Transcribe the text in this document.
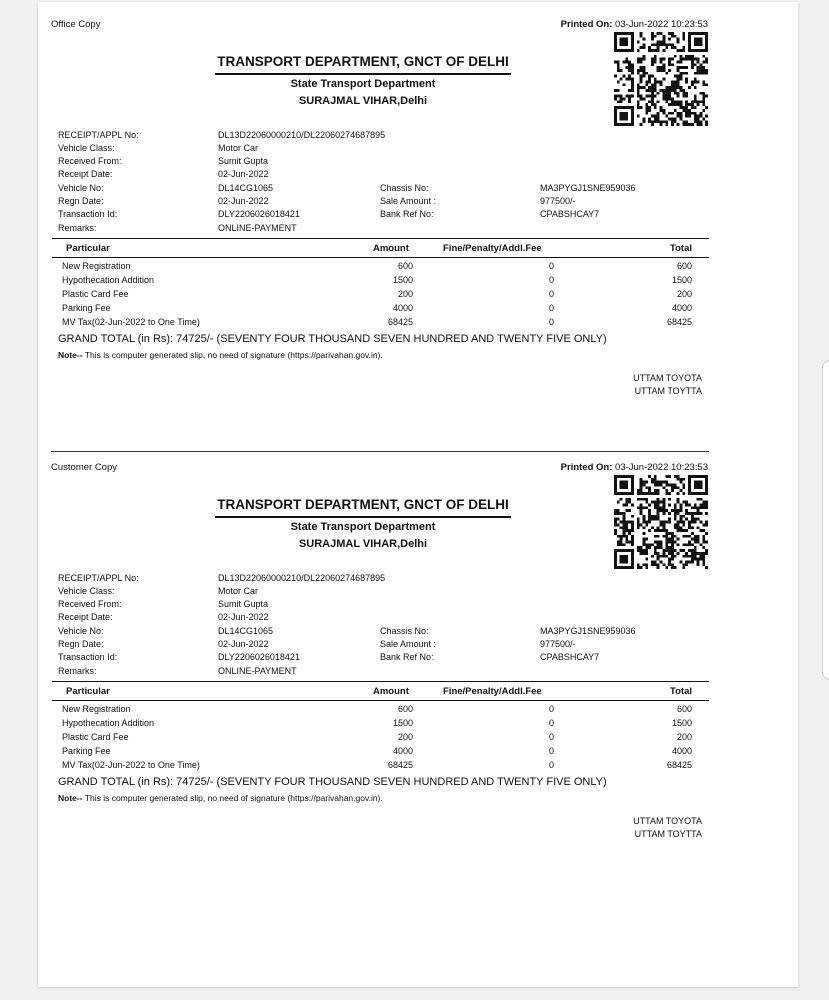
Office Copy	Printed On: 03-Jun-2022 10:23:53
TRANSPORT DEPARTMENT, GNCT OF DELHI
State Transport Department
SURAJMAL VIHAR,Delhi
RECEIPT/APPL No:	DL13D22060000210/DL22060274687895
Vehicle Class:	Motor Car
Received From:	Sumit Gupta
Receipt Date:	02-Jun-2022
Vehicle No:	DL14CG1065
Regn Date:	02-Jun-2022
Transaction Id:	DLY2206026018421
Remarks:	ONLINE-PAYMENT
Chassis No:	MA3PYGJ1SNE959036
Sale Amount :	977500/-
Bank Ref No:	CPABSHCAY7
Particular	Amount	Fine/Penalty/Addl.Fee	Total
New Registration	600	0	600
Hypothecation Addition	1500	0	1500
Plastic Card Fee	200	0	200
Parking Fee	4000	0	4000
MV Tax(02-Jun-2022 to One Time)	68425	0	68425
GRAND TOTAL (in Rs): 74725/- (SEVENTY FOUR THOUSAND SEVEN HUNDRED AND TWENTY FIVE ONLY)
Note-- This is computer generated slip, no need of signature (https://parivahan.gov.in).
UTTAM TOYOTA
UTTAM TOYTTA
Customer Copy	Printed On: 03-Jun-2022 10:23:53
TRANSPORT DEPARTMENT, GNCT OF DELHI
State Transport Department
SURAJMAL VIHAR,Delhi
RECEIPT/APPL No:	DL13D22060000210/DL22060274687895
Vehicle Class:	Motor Car
Received From:	Sumit Gupta
Receipt Date:	02-Jun-2022
Vehicle No:	DL14CG1065
Regn Date:	02-Jun-2022
Transaction Id:	DLY2206026018421
Remarks:	ONLINE-PAYMENT
Chassis No:	MA3PYGJ1SNE959036
Sale Amount :	977500/-
Bank Ref No:	CPABSHCAY7
Particular	Amount	Fine/Penalty/Addl.Fee	Total
New Registration	600	0	600
Hypothecation Addition	1500	0	1500
Plastic Card Fee	200	0	200
Parking Fee	4000	0	4000
MV Tax(02-Jun-2022 to One Time)	68425	0	68425
GRAND TOTAL (in Rs): 74725/- (SEVENTY FOUR THOUSAND SEVEN HUNDRED AND TWENTY FIVE ONLY)
Note-- This is computer generated slip, no need of signature (https://parivahan.gov.in).
UTTAM TOYOTA
UTTAM TOYTTA
